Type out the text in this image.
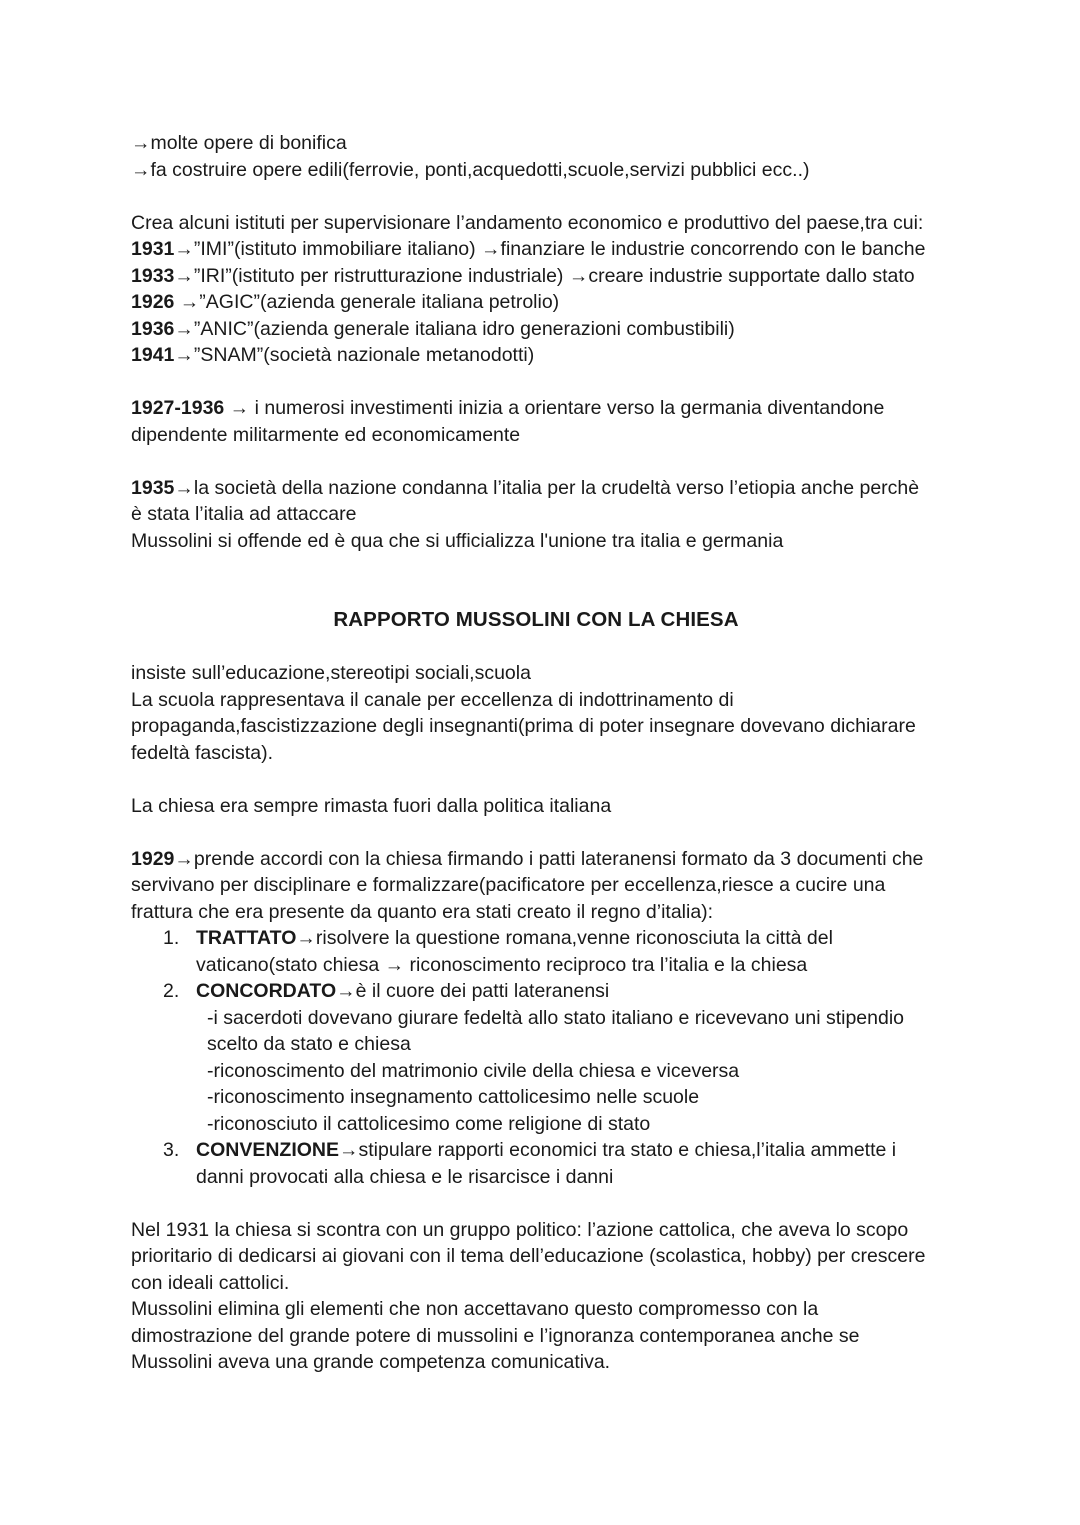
→molte opere di bonifica
→fa costruire opere edili(ferrovie, ponti,acquedotti,scuole,servizi pubblici ecc..)
Crea alcuni istituti per supervisionare l’andamento economico e produttivo del paese,tra cui:
1931→”IMI”(istituto immobiliare italiano) →finanziare le industrie concorrendo con le banche
1933→”IRI”(istituto per ristrutturazione industriale) →creare industrie supportate dallo stato
1926 →”AGIC”(azienda generale italiana petrolio)
1936→”ANIC”(azienda generale italiana idro generazioni combustibili)
1941→”SNAM”(società nazionale metanodotti)
1927-1936 → i numerosi investimenti inizia a orientare verso la germania diventandone
dipendente militarmente ed economicamente
1935→la società della nazione condanna l’italia per la crudeltà verso l’etiopia anche perchè
è stata l’italia ad attaccare
Mussolini si offende ed è qua che si ufficializza l'unione tra italia e germania
RAPPORTO MUSSOLINI CON LA CHIESA
insiste sull’educazione,stereotipi sociali,scuola
La scuola rappresentava il canale per eccellenza di indottrinamento di
propaganda,fascistizzazione degli insegnanti(prima di poter insegnare dovevano dichiarare
fedeltà fascista).
La chiesa era sempre rimasta fuori dalla politica italiana
1929→prende accordi con la chiesa firmando i patti lateranensi formato da 3 documenti che
servivano per disciplinare e formalizzare(pacificatore per eccellenza,riesce a cucire una
frattura che era presente da quanto era stati creato il regno d’italia):
1. TRATTATO→risolvere la questione romana,venne riconosciuta la città del
vaticano(stato chiesa → riconoscimento reciproco tra l’italia e la chiesa
2. CONCORDATO→è il cuore dei patti lateranensi
-i sacerdoti dovevano giurare fedeltà allo stato italiano e ricevevano uni stipendio
scelto da stato e chiesa
-riconoscimento del matrimonio civile della chiesa e viceversa
-riconoscimento insegnamento cattolicesimo nelle scuole
-riconosciuto il cattolicesimo come religione di stato
3. CONVENZIONE→stipulare rapporti economici tra stato e chiesa,l’italia ammette i
danni provocati alla chiesa e le risarcisce i danni
Nel 1931 la chiesa si scontra con un gruppo politico: l’azione cattolica, che aveva lo scopo
prioritario di dedicarsi ai giovani con il tema dell’educazione (scolastica, hobby) per crescere
con ideali cattolici.
Mussolini elimina gli elementi che non accettavano questo compromesso con la
dimostrazione del grande potere di mussolini e l’ignoranza contemporanea anche se
Mussolini aveva una grande competenza comunicativa.
